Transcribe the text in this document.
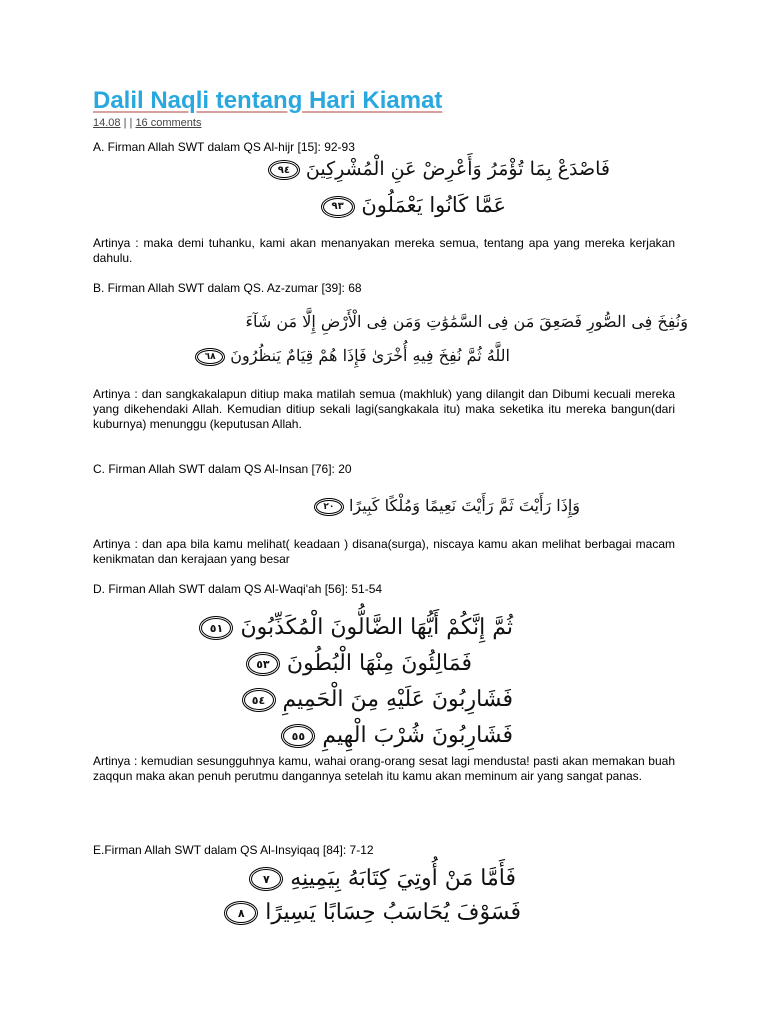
Dalil Naqli tentang Hari Kiamat
14.08 | | 16 comments
A. Firman Allah SWT dalam QS Al-hijr [15]: 92-93
فَاصْدَعْ بِمَا تُؤْمَرُ وَأَعْرِضْ عَنِ الْمُشْرِكِينَ ٩٤
عَمَّا كَانُوا يَعْمَلُونَ ٩٣
Artinya : maka demi tuhanku, kami akan menanyakan mereka semua, tentang apa yang mereka kerjakan dahulu.
B. Firman Allah SWT dalam QS. Az-zumar [39]: 68
وَنُفِخَ فِى الصُّورِ فَصَعِقَ مَن فِى السَّمَٰوَٰتِ وَمَن فِى الْأَرْضِ إِلَّا مَن شَآءَ
اللَّهُ ثُمَّ نُفِخَ فِيهِ أُخْرَىٰ فَإِذَا هُمْ قِيَامٌ يَنظُرُونَ ٦٨
Artinya : dan sangkakalapun ditiup maka matilah semua (makhluk) yang dilangit dan Dibumi kecuali mereka yang dikehendaki Allah. Kemudian ditiup sekali lagi(sangkakala itu) maka seketika itu mereka bangun(dari kuburnya) menunggu (keputusan Allah.
C. Firman Allah SWT dalam QS Al-Insan [76]: 20
وَإِذَا رَأَيْتَ ثَمَّ رَأَيْتَ نَعِيمًا وَمُلْكًا كَبِيرًا ٢٠
Artinya : dan apa bila kamu melihat( keadaan ) disana(surga), niscaya kamu akan melihat berbagai macam kenikmatan dan kerajaan yang besar
D. Firman Allah SWT dalam QS Al-Waqi'ah [56]: 51-54
ثُمَّ إِنَّكُمْ أَيُّهَا الضَّالُّونَ الْمُكَذِّبُونَ ٥١
فَمَالِئُونَ مِنْهَا الْبُطُونَ ٥٣
فَشَارِبُونَ عَلَيْهِ مِنَ الْحَمِيمِ ٥٤
فَشَارِبُونَ شُرْبَ الْهِيمِ ٥٥
Artinya : kemudian sesungguhnya kamu, wahai orang-orang sesat lagi mendusta! pasti akan memakan buah zaqqun maka akan penuh perutmu dangannya setelah itu kamu akan meminum air yang sangat panas.
E.Firman Allah SWT dalam QS Al-Insyiqaq [84]: 7-12
فَأَمَّا مَنْ أُوتِيَ كِتَابَهُ بِيَمِينِهِ ٧
فَسَوْفَ يُحَاسَبُ حِسَابًا يَسِيرًا ٨
